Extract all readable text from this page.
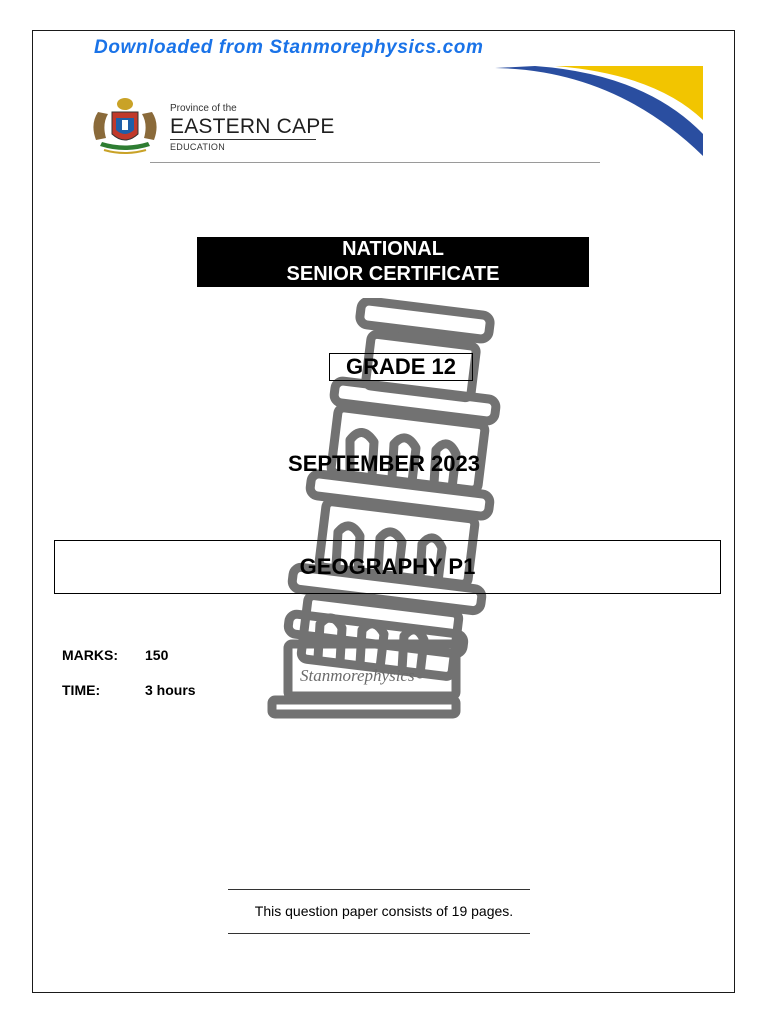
Downloaded from Stanmorephysics.com
Province of the
EASTERN CAPE
EDUCATION
NATIONAL
SENIOR CERTIFICATE
Stanmorephysics
GRADE 12
SEPTEMBER 2023
GEOGRAPHY P1
MARKS: 150
TIME:	3 hours
This question paper consists of 19 pages.
